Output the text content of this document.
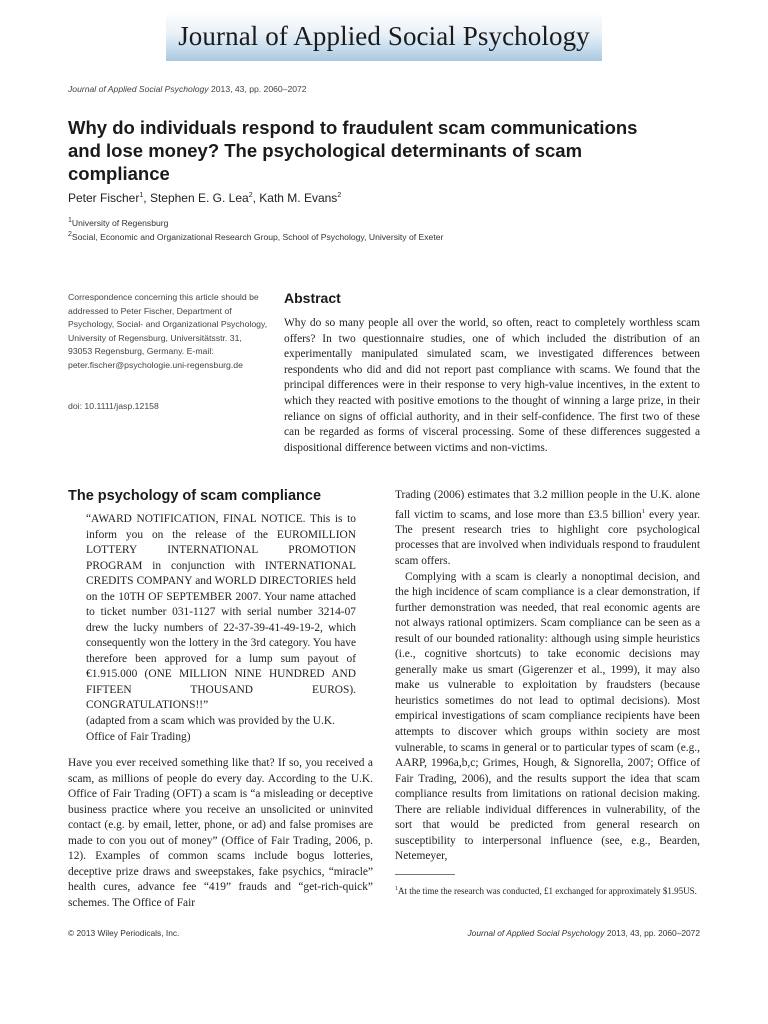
Journal of Applied Social Psychology
Journal of Applied Social Psychology 2013, 43, pp. 2060–2072
Why do individuals respond to fraudulent scam communications and lose money? The psychological determinants of scam compliance
Peter Fischer$^1$, Stephen E. G. Lea$^2$, Kath M. Evans$^2$
$^1$University of Regensburg
$^2$Social, Economic and Organizational Research Group, School of Psychology, University of Exeter
Correspondence concerning this article should be addressed to Peter Fischer, Department of Psychology, Social- and Organizational Psychology, University of Regensburg, Universitätsstr. 31, 93053 Regensburg, Germany. E-mail: peter.fischer@psychologie.uni-regensburg.de
doi: 10.1111/jasp.12158
Abstract
Why do so many people all over the world, so often, react to completely worthless scam offers? In two questionnaire studies, one of which included the distribution of an experimentally manipulated simulated scam, we investigated differences between respondents who did and did not report past compliance with scams. We found that the principal differences were in their response to very high-value incentives, in the extent to which they reacted with positive emotions to the thought of winning a large prize, in their reliance on signs of official authority, and in their self-confidence. The first two of these can be regarded as forms of visceral processing. Some of these differences suggested a dispositional difference between victims and non-victims.
The psychology of scam compliance
“AWARD NOTIFICATION, FINAL NOTICE. This is to inform you on the release of the EUROMILLION LOTTERY INTERNATIONAL PROMOTION PROGRAM in conjunction with INTERNATIONAL CREDITS COMPANY and WORLD DIRECTORIES held on the 10TH OF SEPTEMBER 2007. Your name attached to ticket number 031-1127 with serial number 3214-07 drew the lucky numbers of 22-37-39-41-49-19-2, which consequently won the lottery in the 3rd category. You have therefore been approved for a lump sum payout of €1.915.000 (ONE MILLION NINE HUNDRED AND FIFTEEN THOUSAND EUROS). CONGRATULATIONS!!”
(adapted from a scam which was provided by the U.K. Office of Fair Trading)
Have you ever received something like that? If so, you received a scam, as millions of people do every day. According to the U.K. Office of Fair Trading (OFT) a scam is “a misleading or deceptive business practice where you receive an unsolicited or uninvited contact (e.g. by email, letter, phone, or ad) and false promises are made to con you out of money” (Office of Fair Trading, 2006, p. 12). Examples of common scams include bogus lotteries, deceptive prize draws and sweepstakes, fake psychics, “miracle” health cures, advance fee “419” frauds and “get-rich-quick” schemes. The Office of Fair

Trading (2006) estimates that 3.2 million people in the U.K. alone fall victim to scams, and lose more than £3.5 billion$^1$ every year. The present research tries to highlight core psychological processes that are involved when individuals respond to fraudulent scam offers.

Complying with a scam is clearly a nonoptimal decision, and the high incidence of scam compliance is a clear demonstration, if further demonstration was needed, that real economic agents are not always rational optimizers. Scam compliance can be seen as a result of our bounded rationality: although using simple heuristics (i.e., cognitive shortcuts) to take economic decisions may generally make us smart (Gigerenzer et al., 1999), it may also make us vulnerable to exploitation by fraudsters (because heuristics sometimes do not lead to optimal decisions). Most empirical investigations of scam compliance recipients have been attempts to discover which groups within society are most vulnerable, to scams in general or to particular types of scam (e.g., AARP, 1996a,b,c; Grimes, Hough, & Signorella, 2007; Office of Fair Trading, 2006), and the results support the idea that scam compliance results from limitations on rational decision making. There are reliable individual differences in vulnerability, of the sort that would be predicted from general research on susceptibility to interpersonal influence (see, e.g., Bearden, Netemeyer,

$^1$At the time the research was conducted, £1 exchanged for approximately $1.95US.
© 2013 Wiley Periodicals, Inc.	Journal of Applied Social Psychology 2013, 43, pp. 2060–2072
